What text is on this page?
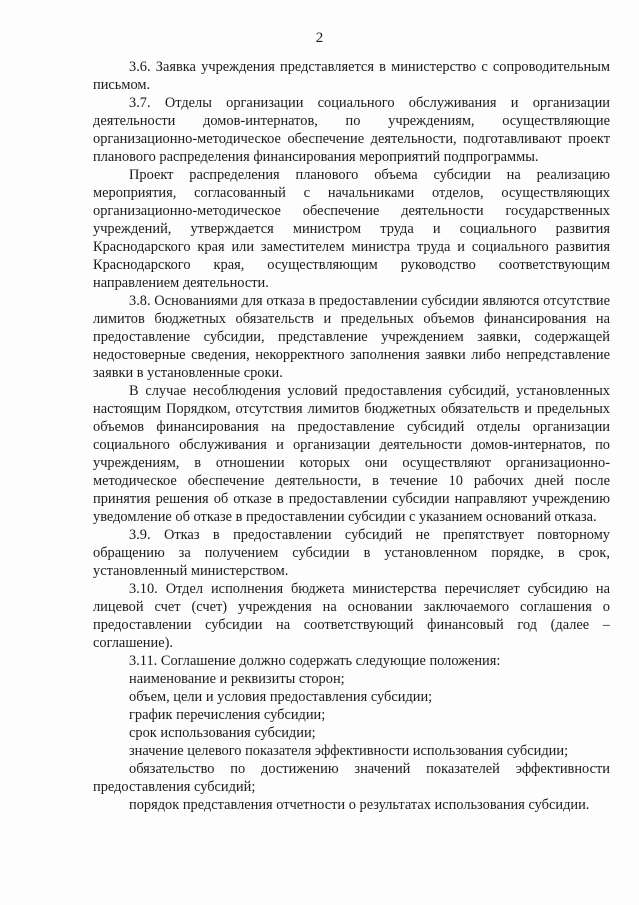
2

3.6. Заявка учреждения представляется в министерство с сопроводительным письмом.

3.7. Отделы организации социального обслуживания и организации деятельности домов-интернатов, по учреждениям, осуществляющие организационно-методическое обеспечение деятельности, подготавливают проект планового распределения финансирования мероприятий подпрограммы.

Проект распределения планового объема субсидии на реализацию мероприятия, согласованный с начальниками отделов, осуществляющих организационно-методическое обеспечение деятельности государственных учреждений, утверждается министром труда и социального развития Краснодарского края или заместителем министра труда и социального развития Краснодарского края, осуществляющим руководство соответствующим направлением деятельности.

3.8. Основаниями для отказа в предоставлении субсидии являются отсутствие лимитов бюджетных обязательств и предельных объемов финансирования на предоставление субсидии, представление учреждением заявки, содержащей недостоверные сведения, некорректного заполнения заявки либо непредставление заявки в установленные сроки.

В случае несоблюдения условий предоставления субсидий, установленных настоящим Порядком, отсутствия лимитов бюджетных обязательств и предельных объемов финансирования на предоставление субсидий отделы организации социального обслуживания и организации деятельности домов-интернатов, по учреждениям, в отношении которых они осуществляют организационно-методическое обеспечение деятельности, в течение 10 рабочих дней после принятия решения об отказе в предоставлении субсидии направляют учреждению уведомление об отказе в предоставлении субсидии с указанием оснований отказа.

3.9. Отказ в предоставлении субсидий не препятствует повторному обращению за получением субсидии в установленном порядке, в срок, установленный министерством.

3.10. Отдел исполнения бюджета министерства перечисляет субсидию на лицевой счет (счет) учреждения на основании заключаемого соглашения о предоставлении субсидии на соответствующий финансовый год (далее – соглашение).

3.11. Соглашение должно содержать следующие положения:

наименование и реквизиты сторон;

объем, цели и условия предоставления субсидии;

график перечисления субсидии;

срок использования субсидии;

значение целевого показателя эффективности использования субсидии;

обязательство по достижению значений показателей эффективности предоставления субсидий;

порядок представления отчетности о результатах использования субсидии.
